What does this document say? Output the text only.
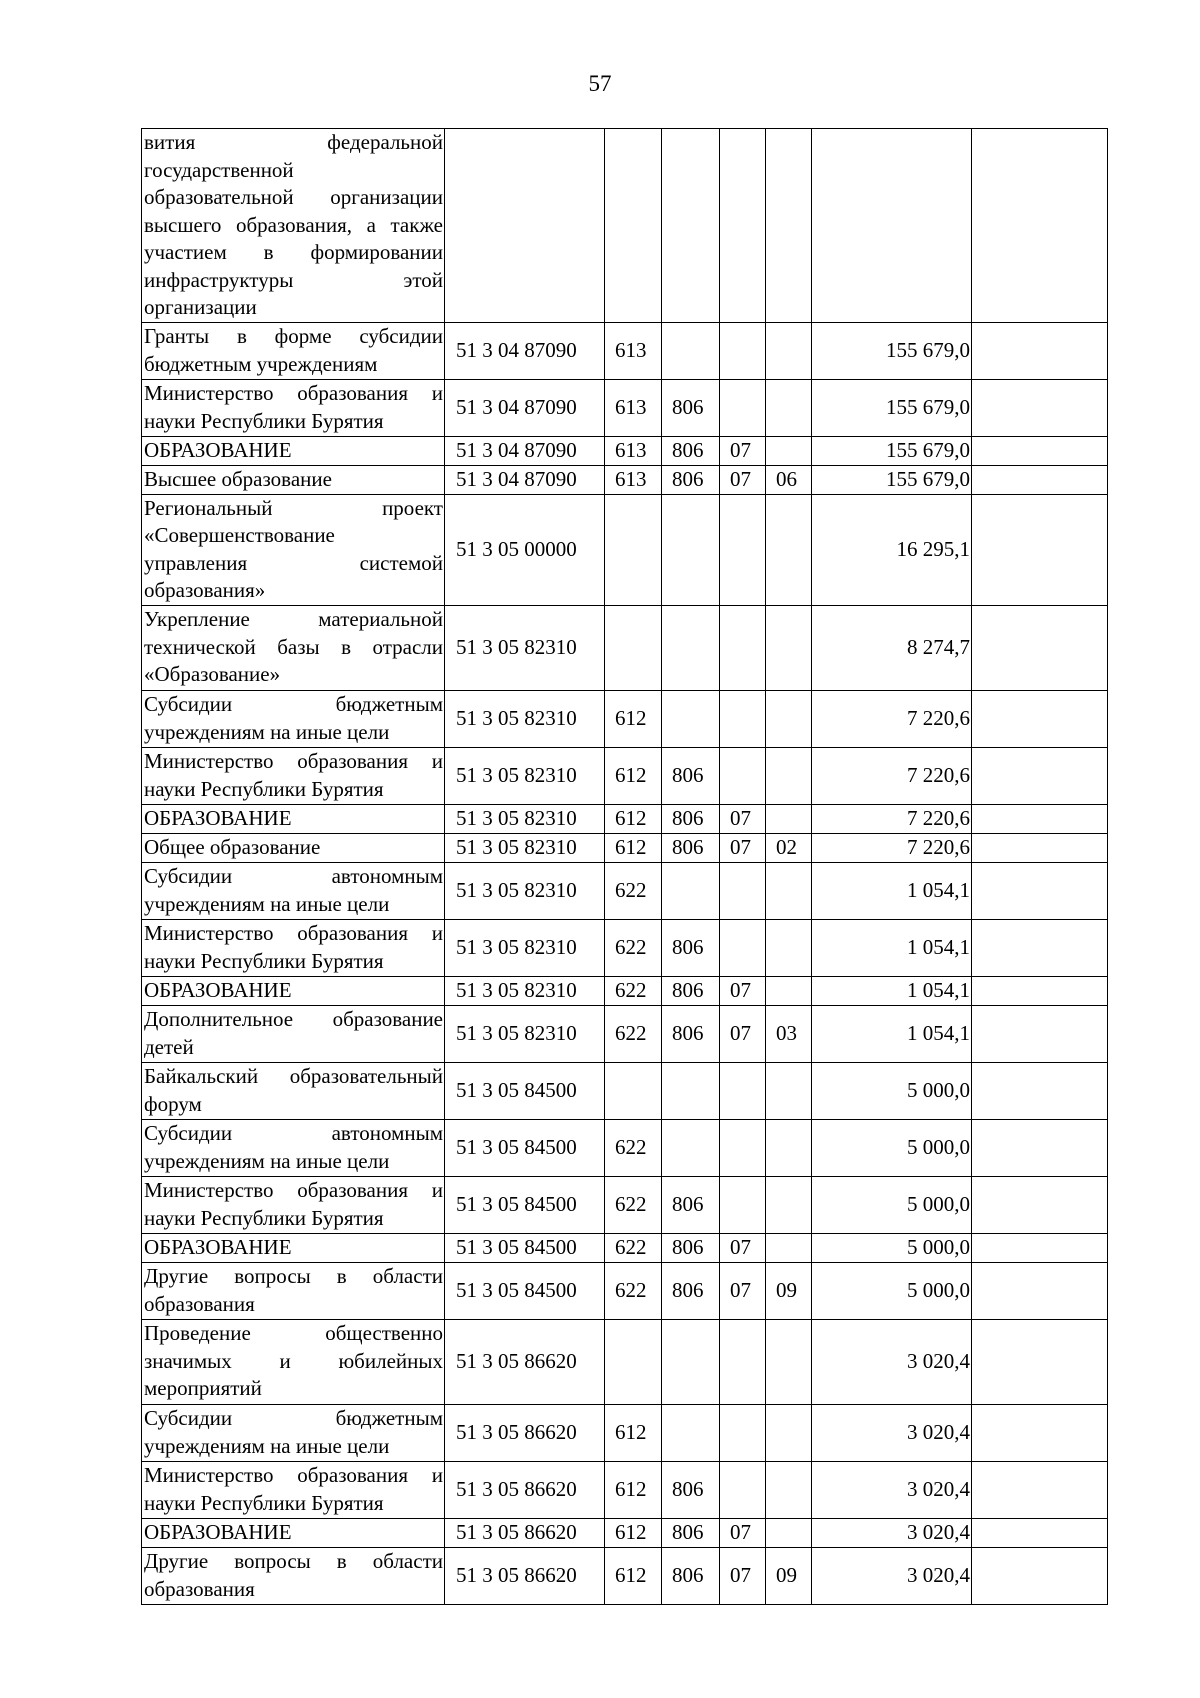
57
вития федеральной государственной образовательной организации высшего образования, а также участием в формировании инфраструктуры этой организации							
Гранты в форме субсидии бюджетным учреждениям	51 3 04 87090	613				155 679,0	
Министерство образования и науки Республики Бурятия	51 3 04 87090	613	806			155 679,0	
ОБРАЗОВАНИЕ	51 3 04 87090	613	806	07		155 679,0	
Высшее образование	51 3 04 87090	613	806	07	06	155 679,0	
Региональный проект «Совершенствование управления системой образования»	51 3 05 00000					16 295,1	
Укрепление материальной технической базы в отрасли «Образование»	51 3 05 82310					8 274,7	
Субсидии бюджетным учреждениям на иные цели	51 3 05 82310	612				7 220,6	
Министерство образования и науки Республики Бурятия	51 3 05 82310	612	806			7 220,6	
ОБРАЗОВАНИЕ	51 3 05 82310	612	806	07		7 220,6	
Общее образование	51 3 05 82310	612	806	07	02	7 220,6	
Субсидии автономным учреждениям на иные цели	51 3 05 82310	622				1 054,1	
Министерство образования и науки Республики Бурятия	51 3 05 82310	622	806			1 054,1	
ОБРАЗОВАНИЕ	51 3 05 82310	622	806	07		1 054,1	
Дополнительное образование детей	51 3 05 82310	622	806	07	03	1 054,1	
Байкальский образовательный форум	51 3 05 84500					5 000,0	
Субсидии автономным учреждениям на иные цели	51 3 05 84500	622				5 000,0	
Министерство образования и науки Республики Бурятия	51 3 05 84500	622	806			5 000,0	
ОБРАЗОВАНИЕ	51 3 05 84500	622	806	07		5 000,0	
Другие вопросы в области образования	51 3 05 84500	622	806	07	09	5 000,0	
Проведение общественно значимых и юбилейных мероприятий	51 3 05 86620					3 020,4	
Субсидии бюджетным учреждениям на иные цели	51 3 05 86620	612				3 020,4	
Министерство образования и науки Республики Бурятия	51 3 05 86620	612	806			3 020,4	
ОБРАЗОВАНИЕ	51 3 05 86620	612	806	07		3 020,4	
Другие вопросы в области образования	51 3 05 86620	612	806	07	09	3 020,4	
